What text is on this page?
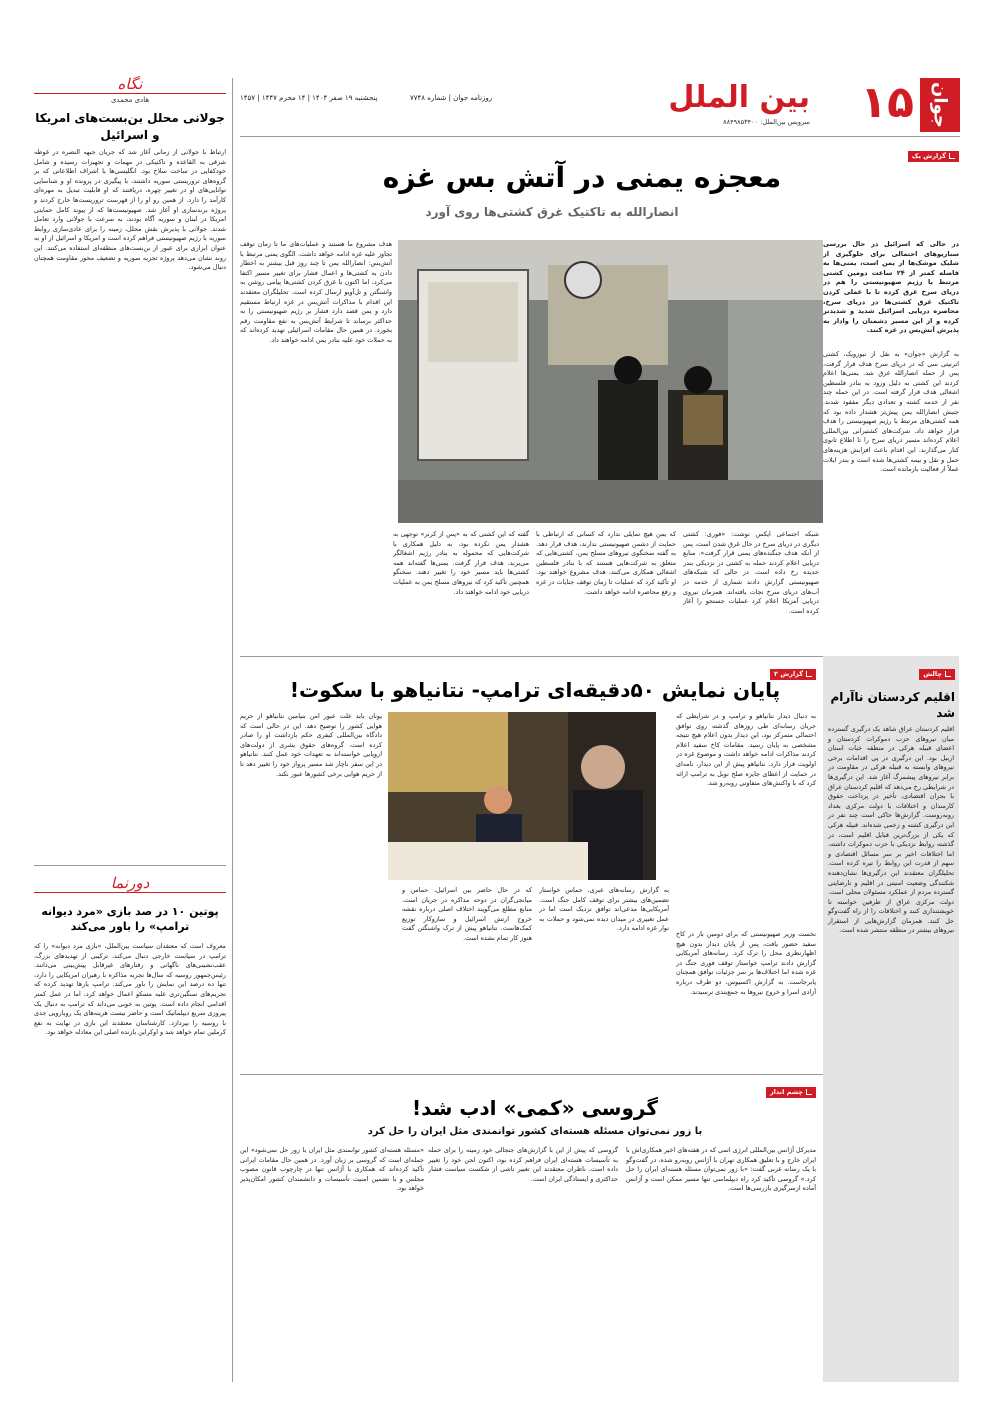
جوان
۱۵
بین الملل
سرویس بین‌الملل: ۸۸۴۹۸۵۳۴۰۰
پنجشنبه ۱۹ صفر ۱۴۰۴ | ۱۴ محرم ۱۴۴۷ | ۱۴۵۷	روزنامه جوان | شماره ۷۷۴۸
گزارش یک
معجزه یمنی در آتش بس غزه
انصارالله به تاکتیک غرق کشتی‌ها روی آورد

در حالی که اسرائیل در حال بررسی سناریوهای احتمالی برای جلوگیری از شلیک موشک‌ها از یمن است، یمنی‌ها به فاصله کمتر از ۲۴ ساعت دومین کشتی مرتبط با رژیم صهیونیستی را هم در دریای سرخ غرق کرده تا با عملی کردن تاکتیک غرق کشتی‌ها در دریای سرخ، محاصره دریایی اسرائیل شدید و شدیدتر کرده و از این مسیر دشمنان را وادار به پذیرش آتش‌بس در غزه کنند.

به گزارش «جوان» به نقل از نیوزویک، کشتی اترنیتی سی که در دریای سرخ هدف قرار گرفت، پس از حمله انصارالله غرق شد. یمنی‌ها اعلام کردند این کشتی به دلیل ورود به بنادر فلسطین اشغالی هدف قرار گرفته است. در این حمله چند نفر از خدمه کشته و تعدادی دیگر مفقود شدند. جنبش انصارالله یمن پیش‌تر هشدار داده بود که همه کشتی‌های مرتبط با رژیم صهیونیستی را هدف قرار خواهد داد. شرکت‌های کشتیرانی بین‌المللی اعلام کرده‌اند مسیر دریای سرخ را تا اطلاع ثانوی کنار می‌گذارند. این اقدام باعث افزایش هزینه‌های حمل و نقل و بیمه کشتی‌ها شده است و بندر ایلات عملاً از فعالیت بازمانده است.

شبکه اجتماعی ایکس نوشت: «فوری: کشتی دیگری در دریای سرخ در حال غرق شدن است، پس از آنکه هدف جنگنده‌های یمنی قرار گرفت». منابع دریایی اعلام کردند حمله به کشتی در نزدیکی بندر حدیده رخ داده است. در حالی که شبکه‌های صهیونیستی گزارش دادند شماری از خدمه در آب‌های دریای سرخ نجات یافته‌اند. همزمان نیروی دریایی آمریکا اعلام کرد عملیات جستجو را آغاز کرده است.

که یمن هیچ تمایلی ندارد که کسانی که ارتباطی با حمایت از دشمن صهیونیستی ندارند، هدف قرار دهد. به گفته سخنگوی نیروهای مسلح یمن، کشتی‌هایی که متعلق به شرکت‌هایی هستند که با بنادر فلسطین اشغالی همکاری می‌کنند، هدف مشروع خواهند بود. او تأکید کرد که عملیات تا زمان توقف جنایات در غزه و رفع محاصره ادامه خواهد داشت.

گفته که این کشتی که به «پس از کرنر» توجهی به هشدار یمن نکرده بود، به دلیل همکاری با شرکت‌هایی که محموله به بنادر رژیم اشغالگر می‌برند، هدف قرار گرفت. یمنی‌ها گفته‌اند همه کشتی‌ها باید مسیر خود را تغییر دهند. سخنگو همچنین تأکید کرد که نیروهای مسلح یمن به عملیات دریایی خود ادامه خواهند داد.

هدف مشروع ما هستند و عملیات‌های ما تا زمان توقف تجاوز علیه غزه ادامه خواهد داشت. الگوی یمنی مرتبط با آتش‌بس: انصارالله یمن تا چند روز قبل بیشتر به اخطار دادن به کشتی‌ها و اعمال فشار برای تغییر مسیر اکتفا می‌کرد، اما اکنون با غرق کردن کشتی‌ها پیامی روشن به واشنگتن و تل‌آویو ارسال کرده است. تحلیلگران معتقدند این اقدام با مذاکرات آتش‌بس در غزه ارتباط مستقیم دارد و یمن قصد دارد فشار بر رژیم صهیونیستی را به حداکثر برساند تا شرایط آتش‌بس به نفع مقاومت رقم بخورد. در همین حال مقامات اسرائیلی تهدید کرده‌اند که به حملات خود علیه بنادر یمن ادامه خواهند داد.

گزارش ۲
پایان نمایش ۵۰دقیقه‌ای ترامپ- نتانیاهو با سکوت!

به دنبال دیدار نتانیاهو و ترامپ و در شرایطی که جریان رسانه‌ای طی روزهای گذشته روی توافق احتمالی متمرکز بود، این دیدار بدون اعلام هیچ نتیجه مشخصی به پایان رسید. مقامات کاخ سفید اعلام کردند مذاکرات ادامه خواهد داشت و موضوع غزه در اولویت قرار دارد. نتانیاهو پیش از این دیدار، نامه‌ای در حمایت از اعطای جایزه صلح نوبل به ترامپ ارائه کرد که با واکنش‌های متفاوتی روبه‌رو شد.

نخست وزیر صهیونیستی که برای دومین بار در کاخ سفید حضور یافت، پس از پایان دیدار بدون هیچ اظهارنظری محل را ترک کرد. رسانه‌های آمریکایی گزارش دادند ترامپ خواستار توقف فوری جنگ در غزه شده اما اختلاف‌ها بر سر جزئیات توافق همچنان پابرجاست. به گزارش اکسیوس، دو طرف درباره آزادی اسرا و خروج نیروها به جمع‌بندی نرسیدند.

به گزارش رسانه‌های عبری، حماس خواستار تضمین‌های بیشتر برای توقف کامل جنگ است. آمریکایی‌ها مدعی‌اند توافق نزدیک است اما در عمل تغییری در میدان دیده نمی‌شود و حملات به نوار غزه ادامه دارد.

که در حال حاضر بین اسرائیل، حماس و میانجی‌گران در دوحه مذاکره در جریان است. منابع مطلع می‌گویند اختلاف اصلی درباره نقشه خروج ارتش اسرائیل و سازوکار توزیع کمک‌هاست. نتانیاهو پیش از ترک واشنگتن گفت هنوز کار تمام نشده است.

یونان باید علت عبور امن بنیامین نتانیاهو از حریم هوایی کشور را توضیح دهد. این در حالی است که دادگاه بین‌المللی کیفری حکم بازداشت او را صادر کرده است. گروه‌های حقوق بشری از دولت‌های اروپایی خواسته‌اند به تعهدات خود عمل کنند. نتانیاهو در این سفر ناچار شد مسیر پرواز خود را تغییر دهد تا از حریم هوایی برخی کشورها عبور نکند.

چشم انداز
گروسی «کمی» ادب شد!
با زور نمی‌توان مسئله هسته‌ای کشور توانمندی مثل ایران را حل کرد

مدیرکل آژانس بین‌المللی انرژی اتمی که در هفته‌های اخیر همکاری‌اش با ایران خارج و با تعلیق همکاری تهران با آژانس روبه‌رو شده، در گفت‌وگو با یک رسانه غربی گفت: «با زور نمی‌توان مسئله هسته‌ای ایران را حل کرد.» گروسی تأکید کرد راه دیپلماسی تنها مسیر ممکن است و آژانس آماده ازسرگیری بازرسی‌ها است.

گروسی که پیش از این با گزارش‌های جنجالی خود زمینه را برای حمله به تأسیسات هسته‌ای ایران فراهم کرده بود، اکنون لحن خود را تغییر داده است. ناظران معتقدند این تغییر ناشی از شکست سیاست فشار حداکثری و ایستادگی ایران است.

«مسئله هسته‌ای کشور توانمندی مثل ایران با زور حل نمی‌شود» این جمله‌ای است که گروسی بر زبان آورد. در همین حال مقامات ایرانی تأکید کرده‌اند که همکاری با آژانس تنها در چارچوب قانون مصوب مجلس و با تضمین امنیت تأسیسات و دانشمندان کشور امکان‌پذیر خواهد بود.

چالش
اقلیم کردستان ناآرام شد

اقلیم کردستان عراق شاهد یک درگیری گسترده میان نیروهای حزب دموکرات کردستان و اعضای قبیله هرکی در منطقه خبات استان اربیل بود. این درگیری در پی اقدامات برخی نیروهای وابسته به قبیله هرکی در مقاومت در برابر نیروهای پیشمرگ آغاز شد. این درگیری‌ها در شرایطی رخ می‌دهد که اقلیم کردستان عراق با بحران اقتصادی، تأخیر در پرداخت حقوق کارمندان و اختلافات با دولت مرکزی بغداد روبه‌روست. گزارش‌ها حاکی است چند نفر در این درگیری کشته و زخمی شده‌اند. قبیله هرکی که یکی از بزرگ‌ترین قبایل اقلیم است، در گذشته روابط نزدیکی با حزب دموکرات داشته، اما اختلافات اخیر بر سر مسائل اقتصادی و سهم از قدرت این روابط را تیره کرده است. تحلیلگران معتقدند این درگیری‌ها نشان‌دهنده شکنندگی وضعیت امنیتی در اقلیم و نارضایتی گسترده مردم از عملکرد مسئولان محلی است. دولت مرکزی عراق از طرفین خواسته تا خویشتنداری کنند و اختلافات را از راه گفت‌وگو حل کنند. همزمان گزارش‌هایی از استقرار نیروهای بیشتر در منطقه منتشر شده است.

نگاه
هادی محمدی
جولانی محلل بن‌بست‌های امریکا و اسرائیل

ارتباط با جولانی از زمانی آغاز شد که جریان جبهه النصره در غوطه شرقی به القاعده و تاکتیکی در مهمات و تجهیزات رسیده و شامل خودکفایی در ساخت سلاح بود. انگلیسی‌ها با اشراف اطلاعاتی که بر گروه‌های تروریستی سوریه داشتند، با پیگیری در پرونده او و شناسایی توانایی‌های او در تغییر چهره، دریافتند که او قابلیت تبدیل به مهره‌ای کارآمد را دارد. از همین رو او را از فهرست تروریست‌ها خارج کردند و پروژه برندسازی او آغاز شد. صهیونیست‌ها که از پیوند کامل حمایتی امریکا در لبنان و سوریه آگاه بودند، به سرعت با جولانی وارد تعامل شدند. جولانی با پذیرش نقش محلل، زمینه را برای عادی‌سازی روابط سوریه با رژیم صهیونیستی فراهم کرده است و امریکا و اسرائیل از او به عنوان ابزاری برای عبور از بن‌بست‌های منطقه‌ای استفاده می‌کنند. این روند نشان می‌دهد پروژه تجزیه سوریه و تضعیف محور مقاومت همچنان دنبال می‌شود.

دورنما
پوتین ۱۰ در صد بازی «مرد دیوانه ترامپ» را باور می‌کند

معروف است که معتقدان سیاست بین‌الملل، «بازی مرد دیوانه» را که ترامپ در سیاست خارجی دنبال می‌کند، ترکیبی از تهدیدهای بزرگ، عقب‌نشینی‌های ناگهانی و رفتارهای غیرقابل پیش‌بینی می‌دانند. رئیس‌جمهور روسیه که سال‌ها تجربه مذاکره با رهبران امریکایی را دارد، تنها ده درصد این نمایش را باور می‌کند. ترامپ بارها تهدید کرده که تحریم‌های سنگین‌تری علیه مسکو اعمال خواهد کرد، اما در عمل کمتر اقدامی انجام داده است. پوتین به خوبی می‌داند که ترامپ به دنبال یک پیروزی سریع دیپلماتیک است و حاضر نیست هزینه‌های یک رویارویی جدی با روسیه را بپردازد. کارشناسان معتقدند این بازی در نهایت به نفع کرملین تمام خواهد شد و اوکراین بازنده اصلی این معادله خواهد بود.
